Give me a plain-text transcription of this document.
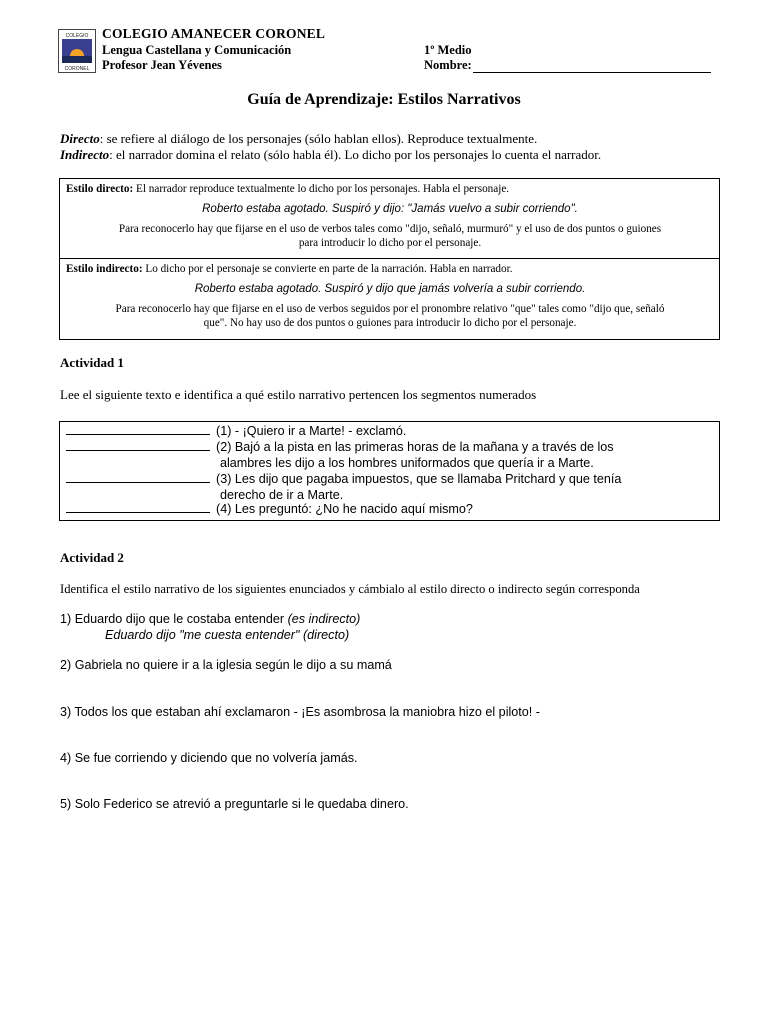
COLEGIO
CORONEL
COLEGIO AMANECER CORONEL
Lengua Castellana y Comunicación
Profesor Jean Yévenes
1º Medio
Nombre:
Guía de Aprendizaje: Estilos Narrativos
Directo: se refiere al diálogo de los personajes (sólo hablan ellos). Reproduce textualmente.
Indirecto: el narrador domina el relato (sólo habla él). Lo dicho por los personajes lo cuenta el narrador.
Estilo directo: El narrador reproduce textualmente lo dicho por los personajes. Habla el personaje.
Roberto estaba agotado. Suspiró y dijo: "Jamás vuelvo a subir corriendo".
Para reconocerlo hay que fijarse en el uso de verbos tales como "dijo, señaló, murmuró" y el uso de dos puntos o guiones
para introducir lo dicho por el personaje.
Estilo indirecto: Lo dicho por el personaje se convierte en parte de la narración. Habla en narrador.
Roberto estaba agotado. Suspiró y dijo que jamás volvería a subir corriendo.
Para reconocerlo hay que fijarse en el uso de verbos seguidos por el pronombre relativo "que" tales como "dijo que, señaló
que". No hay uso de dos puntos o guiones para introducir lo dicho por el personaje.
Actividad 1
Lee el siguiente texto e identifica a qué estilo narrativo pertencen los segmentos numerados
(1) - ¡Quiero ir a Marte! - exclamó.
(2) Bajó a la pista en las primeras horas de la mañana y a través de los
alambres les dijo a los hombres uniformados que quería ir a Marte.
(3) Les dijo que pagaba impuestos, que se llamaba Pritchard y que tenía
derecho de ir a Marte.
(4) Les preguntó: ¿No he nacido aquí mismo?
Actividad 2
Identifica el estilo narrativo de los siguientes enunciados y cámbialo al estilo directo o indirecto según corresponda
1) Eduardo dijo que le costaba entender (es indirecto)
Eduardo dijo "me cuesta entender" (directo)
2) Gabriela no quiere ir a la iglesia según le dijo a su mamá
3) Todos los que estaban ahí exclamaron - ¡Es asombrosa la maniobra hizo el piloto! -
4) Se fue corriendo y diciendo que no volvería jamás.
5) Solo Federico se atrevió a preguntarle si le quedaba dinero.
